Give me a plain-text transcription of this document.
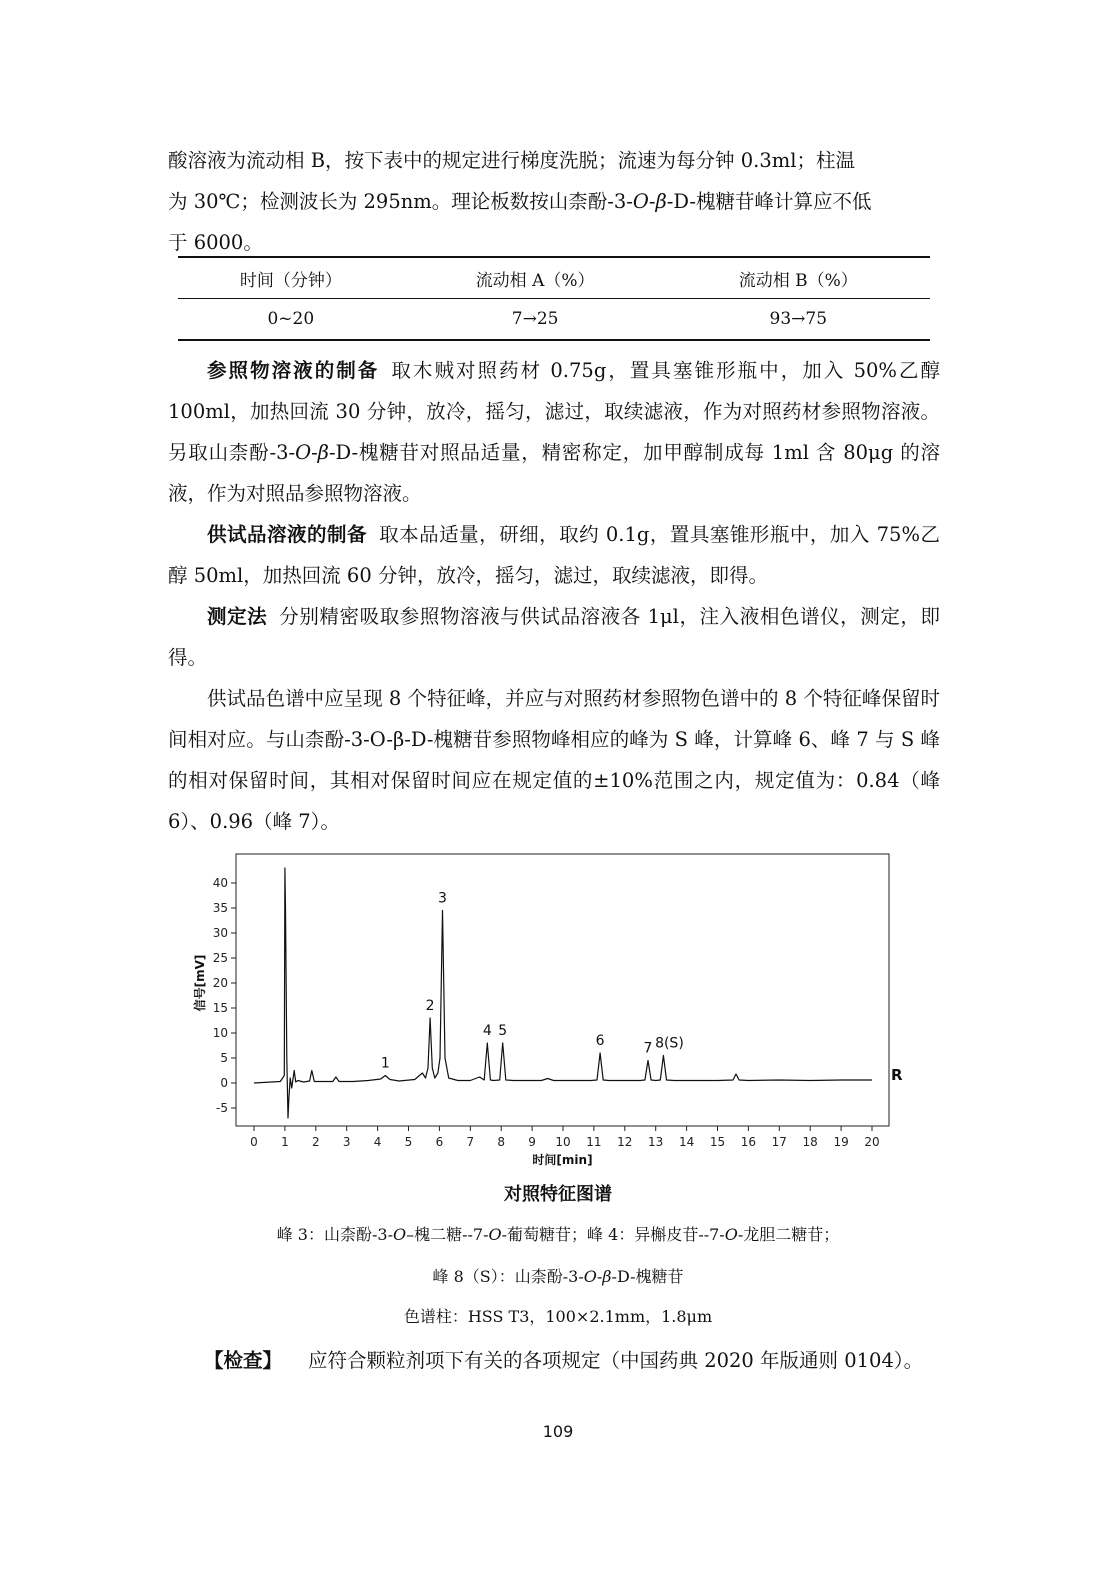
酸溶液为流动相 B，按下表中的规定进行梯度洗脱；流速为每分钟 0.3ml；柱温
为 30℃；检测波长为 295nm。理论板数按山柰酚-3-O-β-D-槐糖苷峰计算应不低
于 6000。
时间（分钟）	流动相 A（%）	流动相 B（%）
0~20	7→25	93→75
参照物溶液的制备 取木贼对照药材 0.75g，置具塞锥形瓶中，加入 50%乙醇 100ml，加热回流 30 分钟，放冷，摇匀，滤过，取续滤液，作为对照药材参照物溶液。另取山柰酚-3-O-β-D-槐糖苷对照品适量，精密称定，加甲醇制成每 1ml 含 80μg 的溶液，作为对照品参照物溶液。
供试品溶液的制备 取本品适量，研细，取约 0.1g，置具塞锥形瓶中，加入 75%乙醇 50ml，加热回流 60 分钟，放冷，摇匀，滤过，取续滤液，即得。
测定法 分别精密吸取参照物溶液与供试品溶液各 1μl，注入液相色谱仪，测定，即得。
供试品色谱中应呈现 8 个特征峰，并应与对照药材参照物色谱中的 8 个特征峰保留时间相对应。与山柰酚-3-O-β-D-槐糖苷参照物峰相应的峰为 S 峰，计算峰 6、峰 7 与 S 峰的相对保留时间，其相对保留时间应在规定值的±10%范围之内，规定值为：0.84（峰 6）、0.96（峰 7）。
0 1 2 3 4 5 6 7 8 9 10 11 12 13 14 15 16 17 18 19 20
-5
0
5
10
15
20
25
30
35
40
时间[min]
信号[mV]
R
1
2
3
4 5
6	7 8(S)
对照特征图谱
峰 3：山柰酚-3-O–槐二糖--7-O-葡萄糖苷；峰 4：异槲皮苷--7-O-龙胆二糖苷；
峰 8（S）：山柰酚-3-O-β-D-槐糖苷
色谱柱：HSS T3，100×2.1mm，1.8μm
【检查】 应符合颗粒剂项下有关的各项规定（中国药典 2020 年版通则 0104）。
109
